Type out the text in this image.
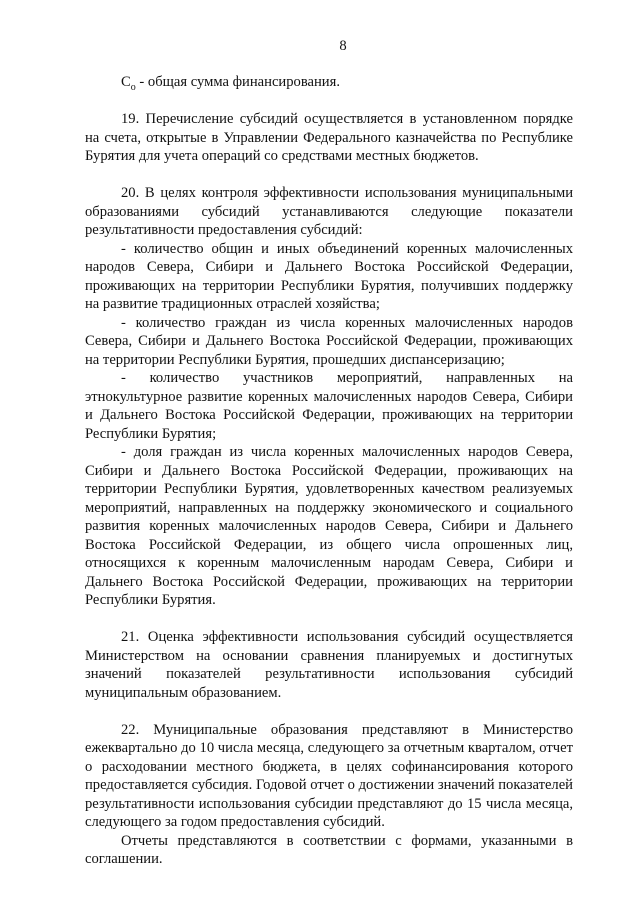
8

$C_o$ - общая сумма финансирования.

19. Перечисление субсидий осуществляется в установленном порядке на счета, открытые в Управлении Федерального казначейства по Республике Бурятия для учета операций со средствами местных бюджетов.

20. В целях контроля эффективности использования муниципальными образованиями субсидий устанавливаются следующие показатели результативности предоставления субсидий:

- количество общин и иных объединений коренных малочисленных народов Севера, Сибири и Дальнего Востока Российской Федерации, проживающих на территории Республики Бурятия, получивших поддержку на развитие традиционных отраслей хозяйства;

- количество граждан из числа коренных малочисленных народов Севера, Сибири и Дальнего Востока Российской Федерации, проживающих на территории Республики Бурятия, прошедших диспансеризацию;

- количество участников мероприятий, направленных на этнокультурное развитие коренных малочисленных народов Севера, Сибири и Дальнего Востока Российской Федерации, проживающих на территории Республики Бурятия;

- доля граждан из числа коренных малочисленных народов Севера, Сибири и Дальнего Востока Российской Федерации, проживающих на территории Республики Бурятия, удовлетворенных качеством реализуемых мероприятий, направленных на поддержку экономического и социального развития коренных малочисленных народов Севера, Сибири и Дальнего Востока Российской Федерации, из общего числа опрошенных лиц, относящихся к коренным малочисленным народам Севера, Сибири и Дальнего Востока Российской Федерации, проживающих на территории Республики Бурятия.

21. Оценка эффективности использования субсидий осуществляется Министерством на основании сравнения планируемых и достигнутых значений показателей результативности использования субсидий муниципальным образованием.

22. Муниципальные образования представляют в Министерство ежеквартально до 10 числа месяца, следующего за отчетным кварталом, отчет о расходовании местного бюджета, в целях софинансирования которого предоставляется субсидия. Годовой отчет о достижении значений показателей результативности использования субсидии представляют до 15 числа месяца, следующего за годом предоставления субсидий.

Отчеты представляются в соответствии с формами, указанными в соглашении.
